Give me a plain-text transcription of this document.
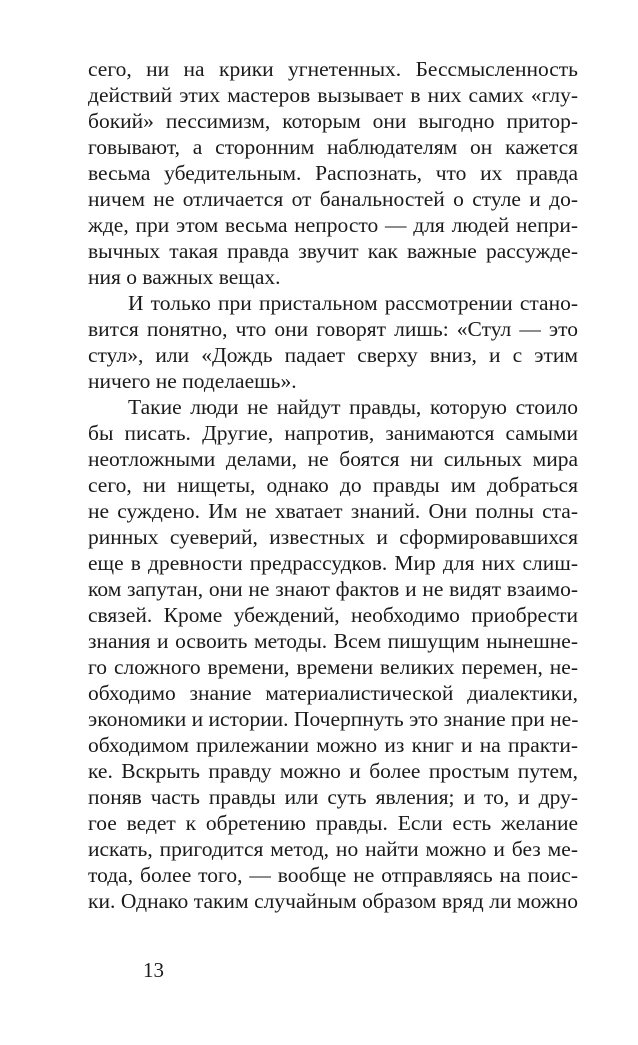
сего, ни на крики угнетенных. Бессмысленность
действий этих мастеров вызывает в них самих «глу-
бокий» пессимизм, которым они выгодно притор-
говывают, а сторонним наблюдателям он кажется
весьма убедительным. Распознать, что их правда
ничем не отличается от банальностей о стуле и до-
жде, при этом весьма непросто — для людей непри-
вычных такая правда звучит как важные рассужде-
ния о важных вещах.
И только при пристальном рассмотрении стано-
вится понятно, что они говорят лишь: «Стул — это
стул», или «Дождь падает сверху вниз, и с этим
ничего не поделаешь».
Такие люди не найдут правды, которую стоило
бы писать. Другие, напротив, занимаются самыми
неотложными делами, не боятся ни сильных мира
сего, ни нищеты, однако до правды им добраться
не суждено. Им не хватает знаний. Они полны ста-
ринных суеверий, известных и сформировавшихся
еще в древности предрассудков. Мир для них слиш-
ком запутан, они не знают фактов и не видят взаимо-
связей. Кроме убеждений, необходимо приобрести
знания и освоить методы. Всем пишущим нынешне-
го сложного времени, времени великих перемен, не-
обходимо знание материалистической диалектики,
экономики и истории. Почерпнуть это знание при не-
обходимом прилежании можно из книг и на практи-
ке. Вскрыть правду можно и более простым путем,
поняв часть правды или суть явления; и то, и дру-
гое ведет к обретению правды. Если есть желание
искать, пригодится метод, но найти можно и без ме-
тода, более того, — вообще не отправляясь на поис-
ки. Однако таким случайным образом вряд ли можно
13
